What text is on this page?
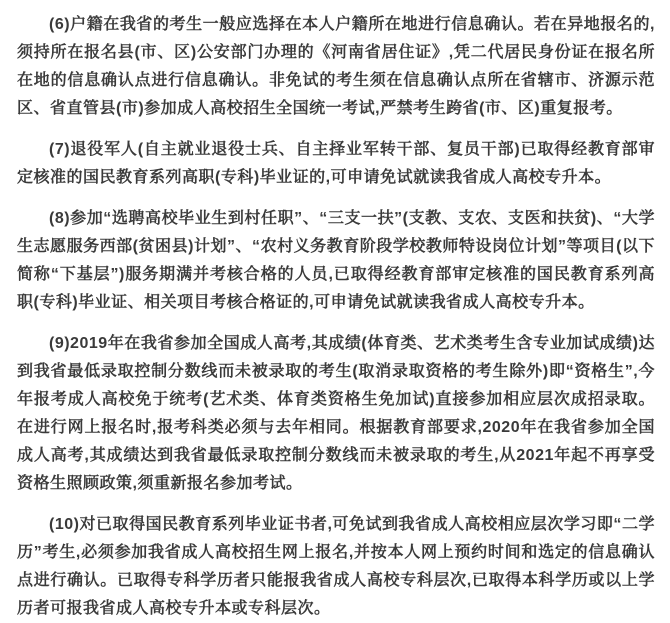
(6)户籍在我省的考生一般应选择在本人户籍所在地进行信息确认。若在异地报名的,须持所在报名县(市、区)公安部门办理的《河南省居住证》,凭二代居民身份证在报名所在地的信息确认点进行信息确认。非免试的考生须在信息确认点所在省辖市、济源示范区、省直管县(市)参加成人高校招生全国统一考试,严禁考生跨省(市、区)重复报考。

(7)退役军人(自主就业退役士兵、自主择业军转干部、复员干部)已取得经教育部审定核准的国民教育系列高职(专科)毕业证的,可申请免试就读我省成人高校专升本。

(8)参加“选聘高校毕业生到村任职”、“三支一扶”(支教、支农、支医和扶贫)、“大学生志愿服务西部(贫困县)计划”、“农村义务教育阶段学校教师特设岗位计划”等项目(以下简称“下基层”)服务期满并考核合格的人员,已取得经教育部审定核准的国民教育系列高职(专科)毕业证、相关项目考核合格证的,可申请免试就读我省成人高校专升本。

(9)2019年在我省参加全国成人高考,其成绩(体育类、艺术类考生含专业加试成绩)达到我省最低录取控制分数线而未被录取的考生(取消录取资格的考生除外)即“资格生”,今年报考成人高校免于统考(艺术类、体育类资格生免加试)直接参加相应层次成招录取。在进行网上报名时,报考科类必须与去年相同。根据教育部要求,2020年在我省参加全国成人高考,其成绩达到我省最低录取控制分数线而未被录取的考生,从2021年起不再享受资格生照顾政策,须重新报名参加考试。

(10)对已取得国民教育系列毕业证书者,可免试到我省成人高校相应层次学习即“二学历”考生,必须参加我省成人高校招生网上报名,并按本人网上预约时间和选定的信息确认点进行确认。已取得专科学历者只能报我省成人高校专科层次,已取得本科学历或以上学历者可报我省成人高校专升本或专科层次。
